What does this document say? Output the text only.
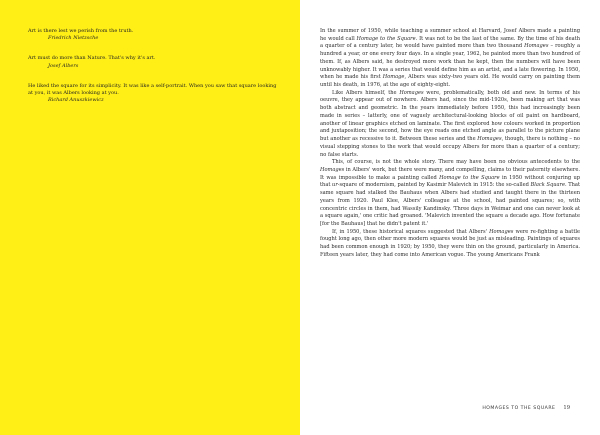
Art is there lest we perish from the truth.

Friedrich Nietzsche

Art must do more than Nature. That's why it's art.

Josef Albers

He liked the square for its simplicity. It was like a self-portrait. When you saw that square looking at you, it was Albers looking at you.

Richard Anuszkiewicz

In the summer of 1950, while teaching a summer school at Harvard, Josef Albers made a painting he would call Homage to the Square. It was not to be the last of the same. By the time of his death a quarter of a century later, he would have painted more than two thousand Homages – roughly a hundred a year, or one every four days. In a single year, 1962, he painted more than two hundred of them. If, as Albers said, he destroyed more work than he kept, then the numbers will have been unknowably higher. It was a series that would define him as an artist, and a late flowering. In 1950, when he made his first Homage, Albers was sixty-two years old. He would carry on painting them until his death, in 1976, at the age of eighty-eight.

Like Albers himself, the Homages were, problematically, both old and new. In terms of his oeuvre, they appear out of nowhere. Albers had, since the mid-1920s, been making art that was both abstract and geometric. In the years immediately before 1950, this had increasingly been made in series – latterly, one of vaguely architectural-looking blocks of oil paint on hardboard, another of linear graphics etched on laminate. The first explored how colours worked in proportion and juxtaposition; the second, how the eye reads one etched angle as parallel to the picture plane but another as recessive to it. Between these series and the Homages, though, there is nothing – no visual stepping stones to the work that would occupy Albers for more than a quarter of a century; no false starts.

This, of course, is not the whole story. There may have been no obvious antecedents to the Homages in Albers' work, but there were many, and compelling, claims to their paternity elsewhere. It was impossible to make a painting called Homage to the Square in 1950 without conjuring up that ur-square of modernism, painted by Kasimir Malevich in 1915: the so-called Black Square. That same square had stalked the Bauhaus when Albers had studied and taught there in the thirteen years from 1920. Paul Klee, Albers' colleague at the school, had painted squares; so, with concentric circles in them, had Wassily Kandinsky. 'Three days in Weimar and one can never look at a square again,' one critic had groaned. 'Malevich invented the square a decade ago. How fortunate [for the Bauhaus] that he didn't patent it.'

If, in 1950, these historical squares suggested that Albers' Homages were re-fighting a battle fought long ago, then other more modern squares would be just as misleading. Paintings of squares had been common enough in 1920; by 1950, they were thin on the ground, particularly in America. Fifteen years later, they had come into American vogue. The young Americans Frank

HOMAGES TO THE SQUARE 19
